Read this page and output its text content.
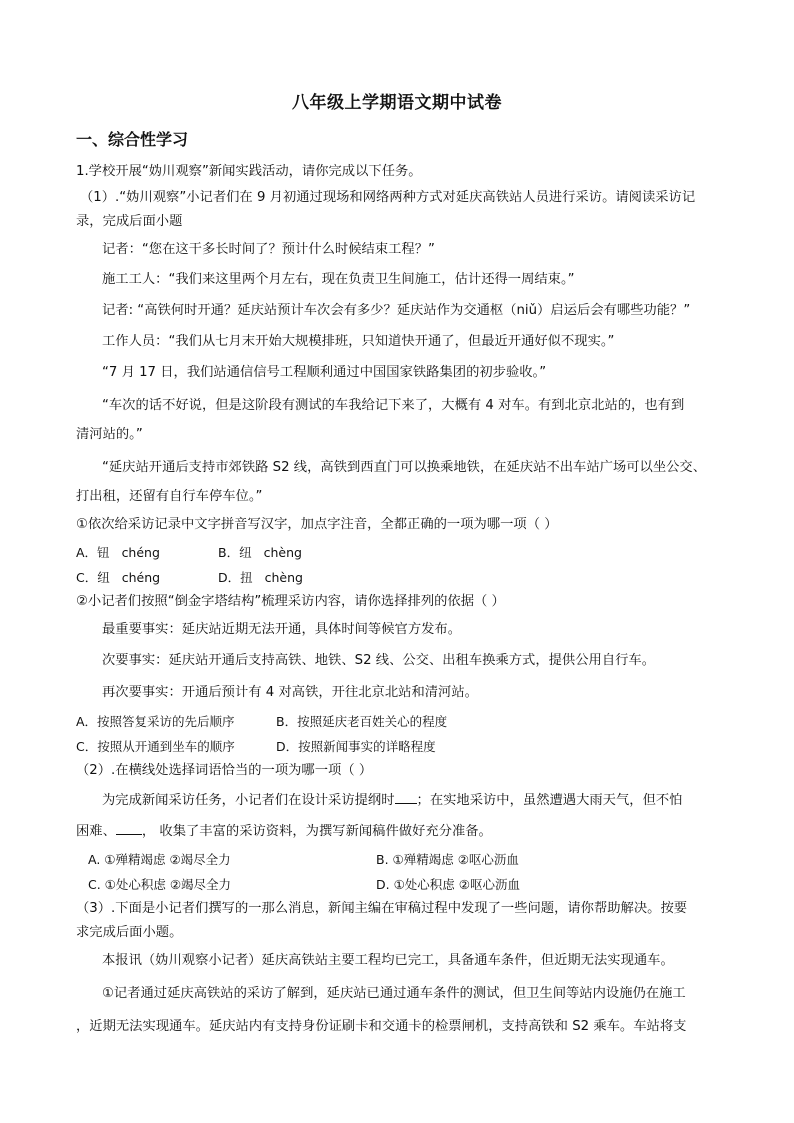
八年级上学期语文期中试卷
一、综合性学习
1.学校开展“妫川观察”新闻实践活动，请你完成以下任务。
（1）.“妫川观察”小记者们在 9 月初通过现场和网络两种方式对延庆高铁站人员进行采访。请阅读采访记
录，完成后面小题
记者：“您在这干多长时间了？预计什么时候结束工程？”
施工工人：“我们来这里两个月左右，现在负责卫生间施工，估计还得一周结束。”
记者: “高铁何时开通？延庆站预计车次会有多少？延庆站作为交通枢（niǔ）启运后会有哪些功能？”
工作人员：“我们从七月末开始大规模排班，只知道快开通了，但最近开通好似不现实。”
“7 月 17 日，我们站通信信号工程顺利通过中国国家铁路集团的初步验收。”
“车次的话不好说，但是这阶段有测试的车我给记下来了，大概有 4 对车。有到北京北站的，也有到
清河站的。”
“延庆站开通后支持市郊铁路 S2 线，高铁到西直门可以换乘地铁，在延庆站不出车站广场可以坐公交、
打出租，还留有自行车停车位。”
①依次给采访记录中文字拼音写汉字，加点字注音，全都正确的一项为哪一项（ ）
A．钮 chéng	B．纽 chèng
C．纽 chéng	D．扭 chèng
②小记者们按照“倒金字塔结构”梳理采访内容，请你选择排列的依据（ ）
最重要事实：延庆站近期无法开通，具体时间等候官方发布。
次要事实：延庆站开通后支持高铁、地铁、S2 线、公交、出租车换乘方式，提供公用自行车。
再次要事实：开通后预计有 4 对高铁，开往北京北站和清河站。
A．按照答复采访的先后顺序	B．按照延庆老百姓关心的程度
C．按照从开通到坐车的顺序	D．按照新闻事实的详略程度
（2）.在横线处选择词语恰当的一项为哪一项（ ）
为完成新闻采访任务，小记者们在设计采访提纲时 ；在实地采访中，虽然遭遇大雨天气，但不怕
困难、 ， 收集了丰富的采访资料，为撰写新闻稿件做好充分准备。
A. ①殚精竭虑 ②竭尽全力	B. ①殚精竭虑 ②呕心沥血
C. ①处心积虑 ②竭尽全力	D. ①处心积虑 ②呕心沥血
（3）.下面是小记者们撰写的一那么消息，新闻主编在审稿过程中发现了一些问题，请你帮助解决。按要
求完成后面小题。
本报讯（妫川观察小记者）延庆高铁站主要工程均已完工，具备通车条件，但近期无法实现通车。
①记者通过延庆高铁站的采访了解到，延庆站已通过通车条件的测试，但卫生间等站内设施仍在施工
，近期无法实现通车。延庆站内有支持身份证刷卡和交通卡的检票闸机，支持高铁和 S2 乘车。车站将支
